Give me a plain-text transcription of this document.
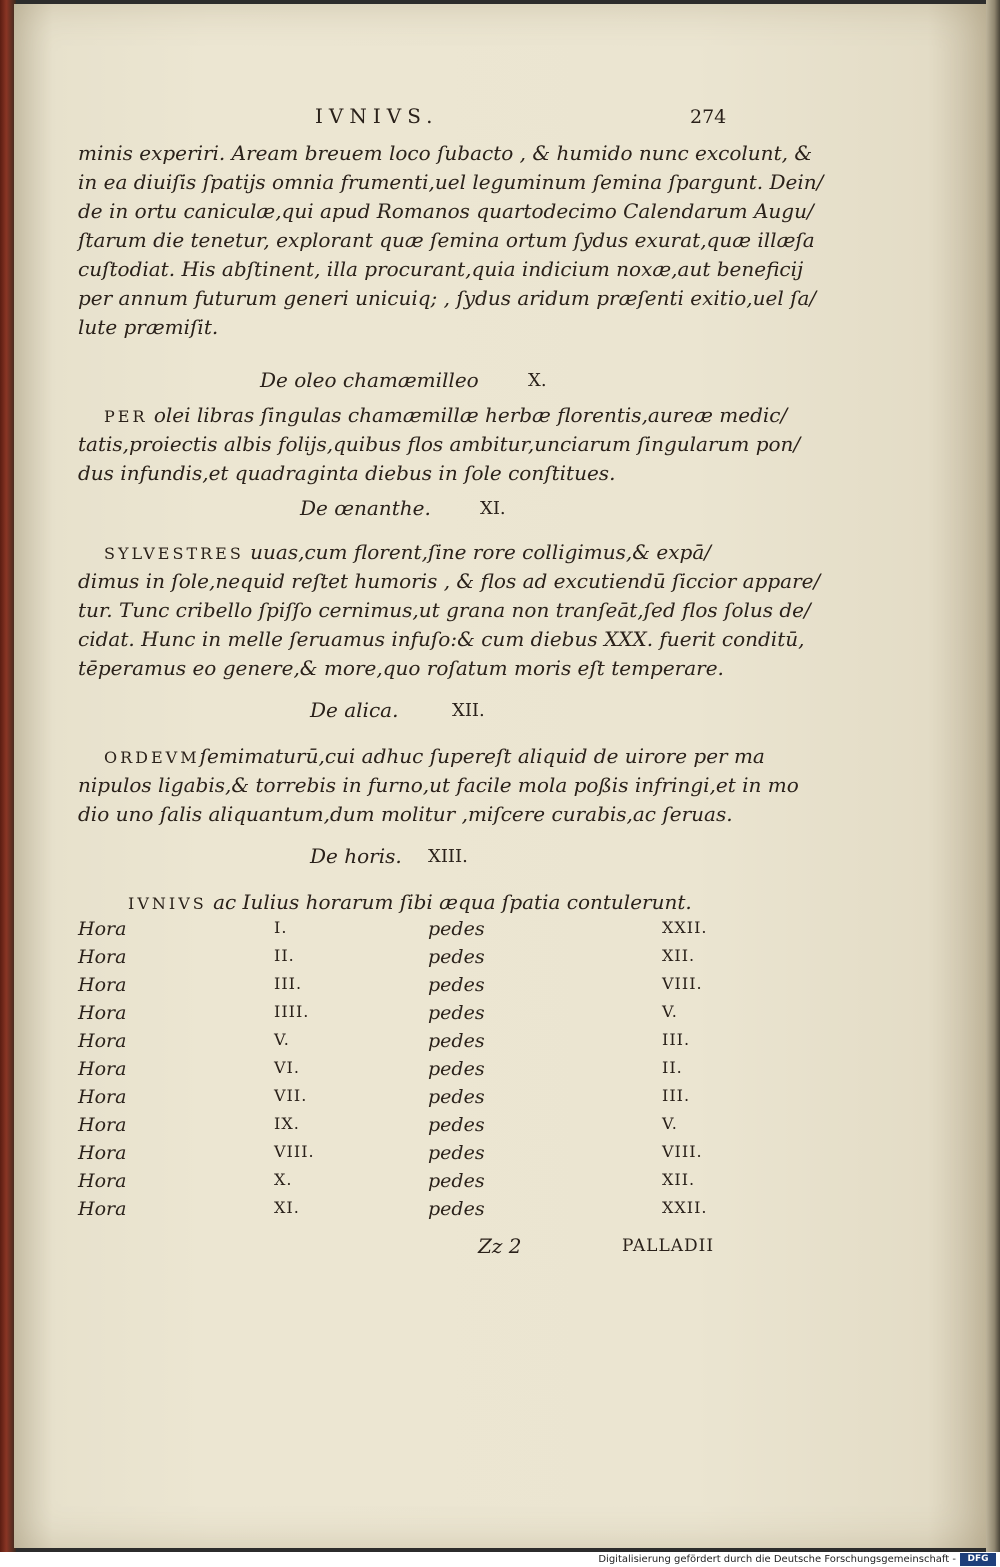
IVNIVS.	274
minis experiri. Aream breuem loco ſubacto , & humido nunc excolunt, &
in ea diuiſis ſpatijs omnia frumenti,uel leguminum ſemina ſpargunt. Dein/
de in ortu caniculæ,qui apud Romanos quartodecimo Calendarum Augu/
ſtarum die tenetur, explorant quæ ſemina ortum ſydus exurat,quæ illæſa
cuſtodiat. His abſtinent, illa procurant,quia indicium noxæ,aut beneficij
per annum futurum generi unicuiq; , ſydus aridum præſenti exitio,uel ſa/
lute præmiſit.
De oleo chamæmilleo	X.
PER olei libras ſingulas chamæmillæ herbæ florentis,aureæ medic/
tatis,proiectis albis folijs,quibus flos ambitur,unciarum ſingularum pon/
dus infundis,et quadraginta diebus in ſole conſtitues.
De œnanthe.	XI.
SYLVESTRES uuas,cum florent,ſine rore colligimus,& expā/
dimus in ſole,nequid reſtet humoris , & flos ad excutiendū ſiccior appare/
tur. Tunc cribello ſpiſſo cernimus,ut grana non tranſeāt,ſed flos ſolus de/
cidat. Hunc in melle ſeruamus infuſo:& cum diebus XXX. fuerit conditū,
tēperamus eo genere,& more,quo roſatum moris eſt temperare.
De alica.	XII.
ORDEVMſemimaturū,cui adhuc ſupereſt aliquid de uirore per ma
nipulos ligabis,& torrebis in furno,ut facile mola poßis infringi,et in mo
dio uno ſalis aliquantum,dum molitur ,miſcere curabis,ac ſeruas.
De horis. XIII.
IVNIVS ac Iulius horarum ſibi æqua ſpatia contulerunt.
Hora	I.	pedes	XXII.
Hora	II.	pedes	XII.
Hora	III.	pedes	VIII.
Hora	IIII.	pedes	V.
Hora	V.	pedes	III.
Hora	VI.	pedes	II.
Hora	VII.	pedes	III.
Hora	IX.	pedes	V.
Hora	VIII.	pedes	VIII.
Hora	X.	pedes	XII.
Hora	XI.	pedes	XXII.
Zz 2	PALLADII
Digitalisierung gefördert durch die Deutsche Forschungsgemeinschaft -	DFG
